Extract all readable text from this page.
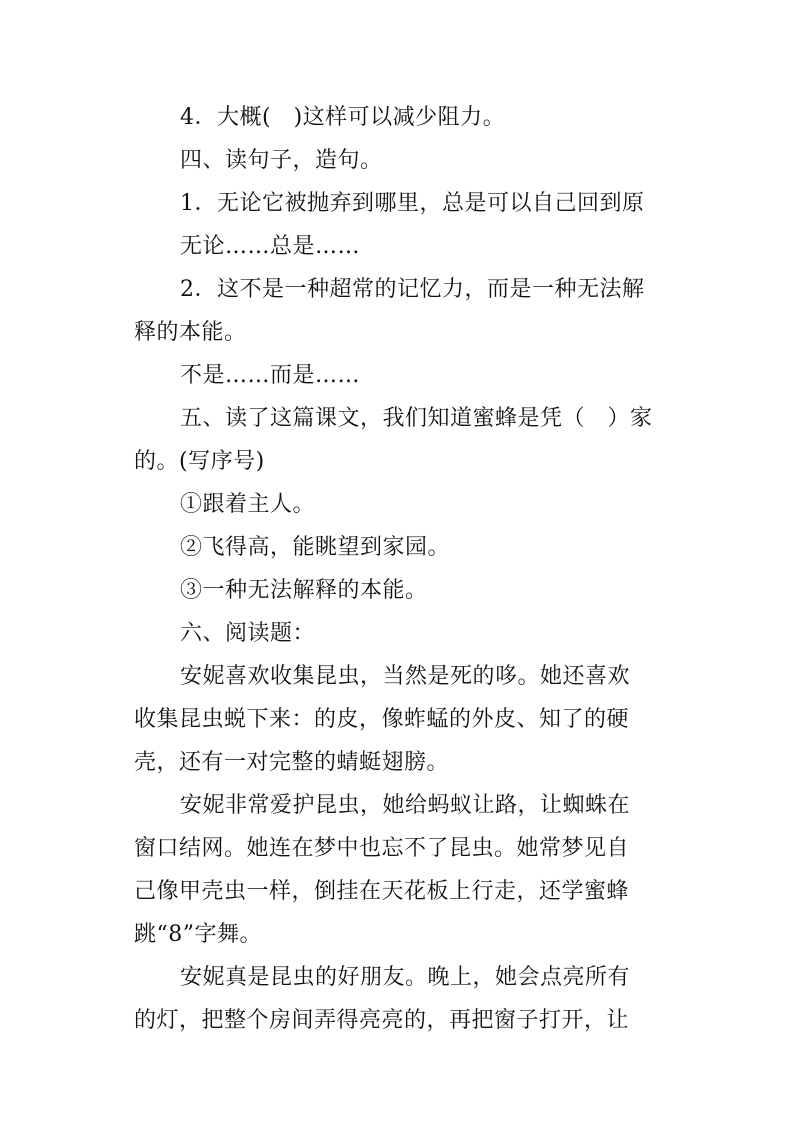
4．大概(　)这样可以减少阻力。
四、读句子，造句。
1．无论它被抛弃到哪里，总是可以自己回到原
无论……总是……
2．这不是一种超常的记忆力，而是一种无法解
释的本能。
不是……而是……
五、读了这篇课文，我们知道蜜蜂是凭（　）家
的。(写序号)
①跟着主人。
②飞得高，能眺望到家园。
③一种无法解释的本能。
六、阅读题：
安妮喜欢收集昆虫，当然是死的哆。她还喜欢
收集昆虫蜕下来：的皮，像蚱蜢的外皮、知了的硬
壳，还有一对完整的蜻蜓翅膀。
安妮非常爱护昆虫，她给蚂蚁让路，让蜘蛛在
窗口结网。她连在梦中也忘不了昆虫。她常梦见自
己像甲壳虫一样，倒挂在天花板上行走，还学蜜蜂
跳“8”字舞。
安妮真是昆虫的好朋友。晚上，她会点亮所有
的灯，把整个房间弄得亮亮的，再把窗子打开，让
